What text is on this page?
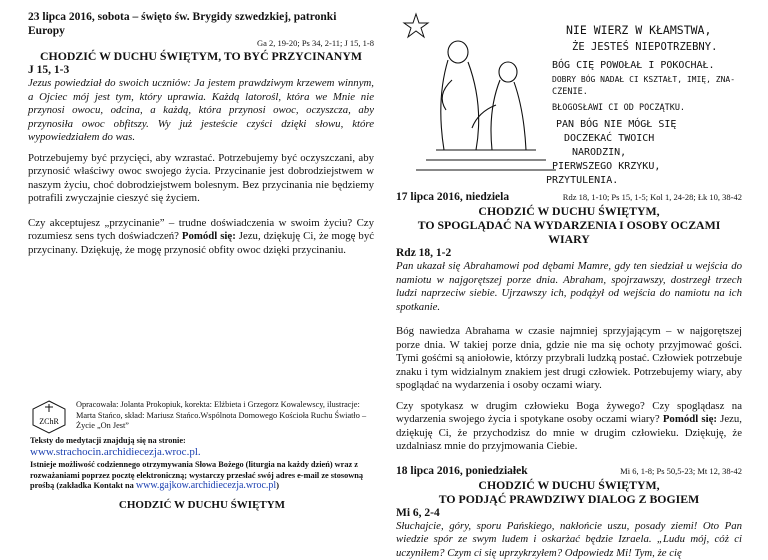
23 lipca 2016, sobota – święto św. Brygidy szwedzkiej, patronki Europy

Ga 2, 19-20; Ps 34, 2-11; J 15, 1-8

CHODZIĆ W DUCHU ŚWIĘTYM, TO BYĆ PRZYCINANYM

J 15, 1-3

Jezus powiedział do swoich uczniów: Ja jestem prawdziwym krzewem winnym, a Ojciec mój jest tym, który uprawia. Każdą latorośl, która we Mnie nie przynosi owocu, odcina, a każdą, która przynosi owoc, oczyszcza, aby przynosiła owoc obfitszy. Wy już jesteście czyści dzięki słowu, które wypowiedziałem do was.

Potrzebujemy być przycięci, aby wzrastać. Potrzebujemy być oczyszczani, aby przynosić właściwy owoc swojego życia. Przycinanie jest dobrodziejstwem w naszym życiu, choć dobrodziejstwem bolesnym. Bez przycinania nie będziemy potrafili zwyczajnie cieszyć się życiem.

Czy akceptujesz „przycinanie” – trudne doświadczenia w swoim życiu? Czy rozumiesz sens tych doświadczeń? Pomódl się: Jezu, dziękuję Ci, że mogę być przycinany. Dziękuję, że mogę przynosić obfity owoc dzięki przycinaniu.

ZChR

Opracowała: Jolanta Prokopiuk, korekta: Elżbieta i Grzegorz Kowalewscy, ilustracje: Marta Stańco, skład: Mariusz Stańco.Wspólnota Domowego Kościoła Ruchu Światło – Życie „On Jest”

Teksty do medytacji znajdują się na stronie:

www.strachocin.archidiecezja.wroc.pl.

Istnieje możliwość codziennego otrzymywania Słowa Bożego (liturgia na każdy dzień) wraz z rozważaniami poprzez pocztę elektroniczną; wystarczy przesłać swój adres e-mail ze stosowną prośbą (zakładka Kontakt na www.gajkow.archidiecezja.wroc.pl)

CHODZIĆ W DUCHU ŚWIĘTYM

NIE WIERZ W KŁAMSTWA,
ŻE JESTEŚ NIEPOTRZEBNY.
BÓG CIĘ POWOŁAŁ I POKOCHAŁ.
DOBRY BÓG NADAŁ CI KSZTAŁT, IMIĘ, ZNA-
CZENIE.
BŁOGOSŁAWI CI OD POCZĄTKU.
PAN BÓG NIE MÓGŁ SIĘ
DOCZEKAĆ TWOICH
NARODZIN,
PIERWSZEGO KRZYKU,
PRZYTULENIA.
17 lipca 2016, niedziela	Rdz 18, 1-10; Ps 15, 1-5; Kol 1, 24-28; Łk 10, 38-42

CHODZIĆ W DUCHU ŚWIĘTYM,

TO SPOGLĄDAĆ NA WYDARZENIA I OSOBY OCZAMI WIARY

Rdz 18, 1-2

Pan ukazał się Abrahamowi pod dębami Mamre, gdy ten siedział u wejścia do namiotu w najgorętszej porze dnia. Abraham, spojrzawszy, dostrzegł trzech ludzi naprzeciw siebie. Ujrzawszy ich, podążył od wejścia do namiotu na ich spotkanie.

Bóg nawiedza Abrahama w czasie najmniej sprzyjającym – w najgorętszej porze dnia. W takiej porze dnia, gdzie nie ma się ochoty przyjmować gości. Tymi gośćmi są aniołowie, którzy przybrali ludzką postać. Człowiek potrzebuje znaku i tym widzialnym znakiem jest drugi człowiek. Potrzebujemy wiary, aby spoglądać na wydarzenia i osoby oczami wiary.

Czy spotykasz w drugim człowieku Boga żywego? Czy spoglądasz na wydarzenia swojego życia i spotykane osoby oczami wiary? Pomódl się: Jezu, dziękuję Ci, że przychodzisz do mnie w drugim człowieku. Dziękuję, że uzdalniasz mnie do przyjmowania Ciebie.

18 lipca 2016, poniedziałek	Mi 6, 1-8; Ps 50,5-23; Mt 12, 38-42

CHODZIĆ W DUCHU ŚWIĘTYM,

TO PODJĄĆ PRAWDZIWY DIALOG Z BOGIEM

Mi 6, 2-4

Słuchajcie, góry, sporu Pańskiego, nakłońcie uszu, posady ziemi! Oto Pan wiedzie spór ze swym ludem i oskarżać będzie Izraela. „Ludu mój, cóż ci uczyniłem? Czym ci się uprzykrzyłem? Odpowiedz Mi! Tym, że cię
